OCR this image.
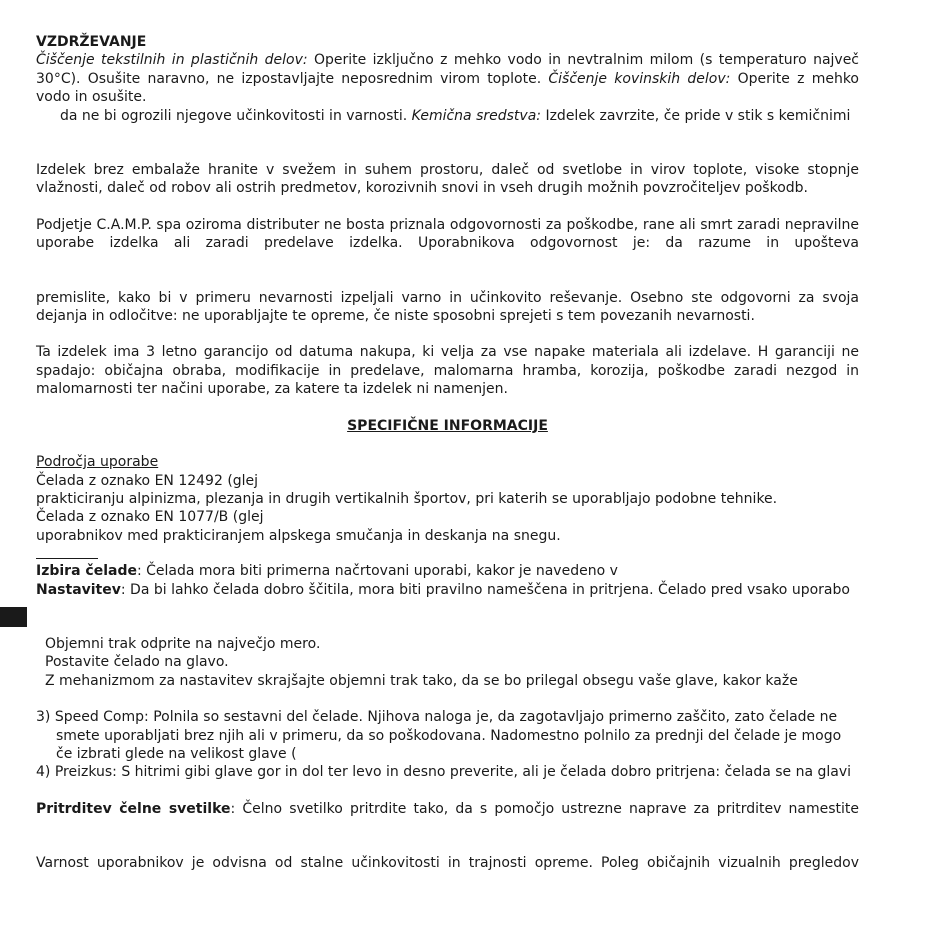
VZDRŽEVANJE

Čiščenje tekstilnih in plastičnih delov: Operite izključno z mehko vodo in nevtralnim milom (s temperaturo največ 30°C). Osušite naravno, ne izpostavljajte neposrednim virom toplote. Čiščenje kovinskih delov: Operite z mehko vodo in osušite.

da ne bi ogrozili njegove učinkovitosti in varnosti. Kemična sredstva: Izdelek zavrzite, če pride v stik s kemičnimi

Izdelek brez embalaže hranite v svežem in suhem prostoru, daleč od svetlobe in virov toplote, visoke stopnje vlažnosti, daleč od robov ali ostrih predmetov, korozivnih snovi in vseh drugih možnih povzročiteljev poškodb.

Podjetje C.A.M.P. spa oziroma distributer ne bosta priznala odgovornosti za poškodbe, rane ali smrt zaradi nepravilne uporabe izdelka ali zaradi predelave izdelka. Uporabnikova odgovornost je: da razume in upošteva

premislite, kako bi v primeru nevarnosti izpeljali varno in učinkovito reševanje. Osebno ste odgovorni za svoja dejanja in odločitve: ne uporabljajte te opreme, če niste sposobni sprejeti s tem povezanih nevarnosti.

Ta izdelek ima 3 letno garancijo od datuma nakupa, ki velja za vse napake materiala ali izdelave. H garanciji ne spadajo: običajna obraba, modifikacije in predelave, malomarna hramba, korozija, poškodbe zaradi nezgod in malomarnosti ter načini uporabe, za katere ta izdelek ni namenjen.

SPECIFIČNE INFORMACIJE

Področja uporabe

Čelada z oznako EN 12492 (glej

prakticiranju alpinizma, plezanja in drugih vertikalnih športov, pri katerih se uporabljajo podobne tehnike.

Čelada z oznako EN 1077/B (glej

uporabnikov med prakticiranjem alpskega smučanja in deskanja na snegu.

Izbira čelade: Čelada mora biti primerna načrtovani uporabi, kakor je navedeno v

Nastavitev: Da bi lahko čelada dobro ščitila, mora biti pravilno nameščena in pritrjena. Čelado pred vsako uporabo

Objemni trak odprite na največjo mero.

Postavite čelado na glavo.

Z mehanizmom za nastavitev skrajšajte objemni trak tako, da se bo prilegal obsegu vaše glave, kakor kaže

3) Speed Comp: Polnila so sestavni del čelade. Njihova naloga je, da zagotavljajo primerno zaščito, zato čelade ne

smete uporabljati brez njih ali v primeru, da so poškodovana. Nadomestno polnilo za prednji del čelade je mogo

če izbrati glede na velikost glave (

4) Preizkus: S hitrimi gibi glave gor in dol ter levo in desno preverite, ali je čelada dobro pritrjena: čelada se na glavi

Pritrditev čelne svetilke: Čelno svetilko pritrdite tako, da s pomočjo ustrezne naprave za pritrditev namestite

Varnost uporabnikov je odvisna od stalne učinkovitosti in trajnosti opreme. Poleg običajnih vizualnih pregledov
